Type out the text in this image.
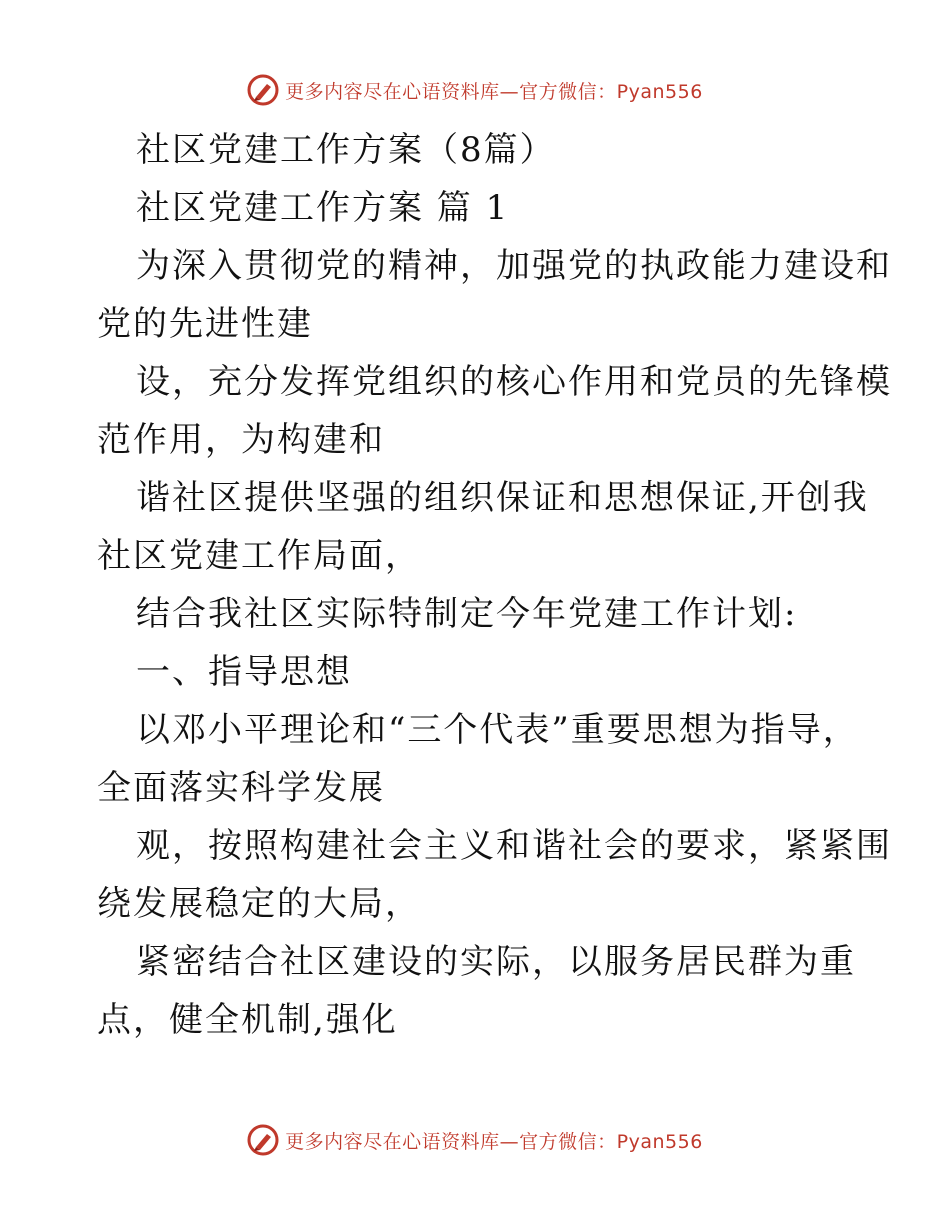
更多内容尽在心语资料库—官方微信：Pyan556
社区党建工作方案（8篇）
社区党建工作方案 篇 1
为深入贯彻党的精神，加强党的执政能力建设和
党的先进性建
设，充分发挥党组织的核心作用和党员的先锋模
范作用，为构建和
谐社区提供坚强的组织保证和思想保证,开创我
社区党建工作局面，
结合我社区实际特制定今年党建工作计划:
一、指导思想
以邓小平理论和“三个代表”重要思想为指导，
全面落实科学发展
观，按照构建社会主义和谐社会的要求，紧紧围
绕发展稳定的大局，
紧密结合社区建设的实际，以服务居民群为重
点，健全机制,强化
更多内容尽在心语资料库—官方微信：Pyan556
